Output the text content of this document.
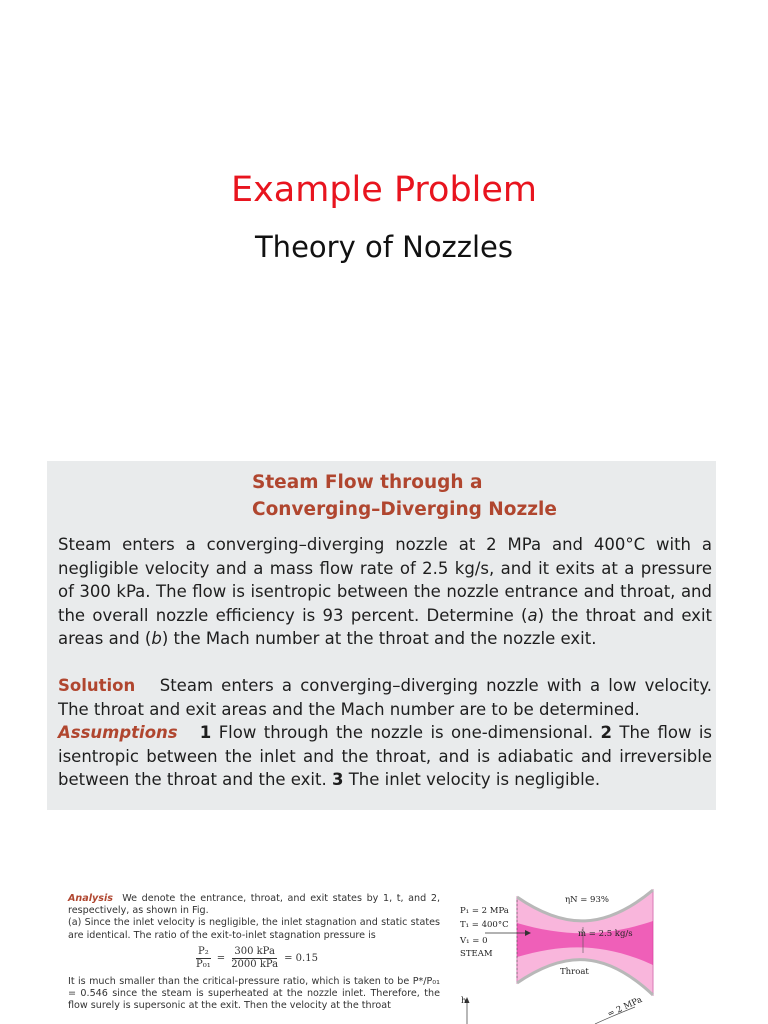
Example Problem
Theory of Nozzles
Steam Flow through a
Converging–Diverging Nozzle
Steam enters a converging–diverging nozzle at 2 MPa and 400°C with a negligible velocity and a mass flow rate of 2.5 kg/s, and it exits at a pressure of 300 kPa. The flow is isentropic between the nozzle entrance and throat, and the overall nozzle efficiency is 93 percent. Determine (a) the throat and exit areas and (b) the Mach number at the throat and the nozzle exit.
Solution Steam enters a converging–diverging nozzle with a low velocity. The throat and exit areas and the Mach number are to be determined.
Assumptions 1 Flow through the nozzle is one-dimensional. 2 The flow is isentropic between the inlet and the throat, and is adiabatic and irreversible between the throat and the exit. 3 The inlet velocity is negligible.
Analysis We denote the entrance, throat, and exit states by 1, t, and 2, respectively, as shown in Fig.
(a) Since the inlet velocity is negligible, the inlet stagnation and static states are identical. The ratio of the exit-to-inlet stagnation pressure is
$\frac{\text{P₂}}{\text{P₀₁}} = \frac{\text{300 kPa}}{\text{2000 kPa}} = 0.15$
It is much smaller than the critical-pressure ratio, which is taken to be P*/P₀₁ = 0.546 since the steam is superheated at the nozzle inlet. Therefore, the flow surely is supersonic at the exit. Then the velocity at the throat
ηN = 93%
P₁ = 2 MPa
T₁ = 400°C
V₁ = 0
STEAM
ṁ = 2.5 kg/s
Throat
h	= 2 MPa
